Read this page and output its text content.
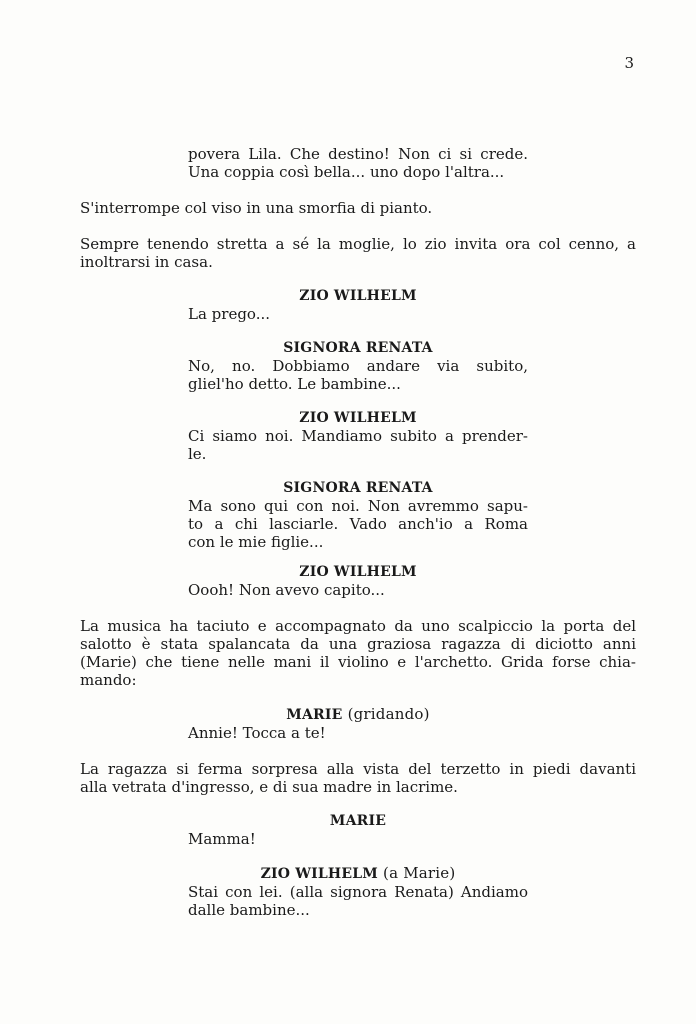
3
povera Lila. Che destino! Non ci si crede.
Una coppia così bella... uno dopo l'altra...
S'interrompe col viso in una smorfia di pianto.
Sempre tenendo stretta a sé la moglie, lo zio invita ora col cenno, a
inoltrarsi in casa.
ZIO WILHELM
La prego...
SIGNORA RENATA
No, no. Dobbiamo andare via subito,
gliel'ho detto. Le bambine...
ZIO WILHELM
Ci siamo noi. Mandiamo subito a prender-
le.
SIGNORA RENATA
Ma sono qui con noi. Non avremmo sapu-
to a chi lasciarle. Vado anch'io a Roma
con le mie figlie...
ZIO WILHELM
Oooh! Non avevo capito...
La musica ha taciuto e accompagnato da uno scalpiccio la porta del
salotto è stata spalancata da una graziosa ragazza di diciotto anni
(Marie) che tiene nelle mani il violino e l'archetto. Grida forse chia-
mando:
MARIE (gridando)
Annie! Tocca a te!
La ragazza si ferma sorpresa alla vista del terzetto in piedi davanti
alla vetrata d'ingresso, e di sua madre in lacrime.
MARIE
Mamma!
ZIO WILHELM (a Marie)
Stai con lei. (alla signora Renata) Andiamo
dalle bambine...
